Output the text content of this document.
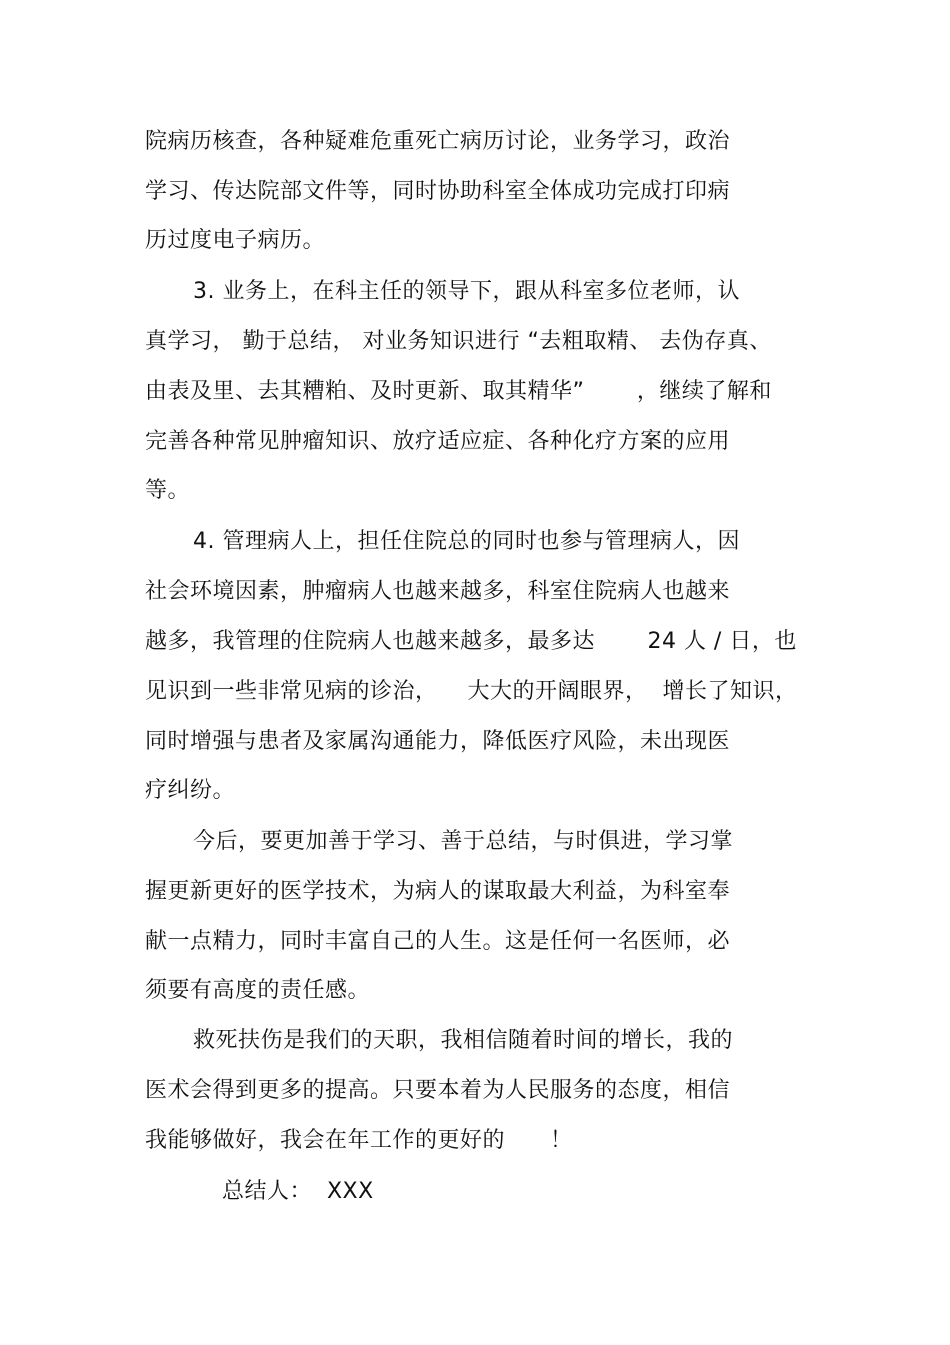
院病历核查，各种疑难危重死亡病历讨论，业务学习，政治
学习、传达院部文件等，同时协助科室全体成功完成打印病
历过度电子病历。
3. 业务上，在科主任的领导下，跟从科室多位老师，认
真学习， 勤于总结， 对业务知识进行 “去粗取精、 去伪存真、
由表及里、去其糟粕、及时更新、取其精华”       ，继续了解和
完善各种常见肿瘤知识、放疗适应症、各种化疗方案的应用
等。
4. 管理病人上，担任住院总的同时也参与管理病人，因
社会环境因素，肿瘤病人也越来越多，科室住院病人也越来
越多，我管理的住院病人也越来越多，最多达       24 人 / 日，也
见识到一些非常见病的诊治，    大大的开阔眼界，  增长了知识，
同时增强与患者及家属沟通能力，降低医疗风险，未出现医
疗纠纷。
今后，要更加善于学习、善于总结，与时俱进，学习掌
握更新更好的医学技术，为病人的谋取最大利益，为科室奉
献一点精力，同时丰富自己的人生。这是任何一名医师，必
须要有高度的责任感。
救死扶伤是我们的天职，我相信随着时间的增长，我的
医术会得到更多的提高。只要本着为人民服务的态度，相信
我能够做好，我会在年工作的更好的      ！
总结人：  XXX
